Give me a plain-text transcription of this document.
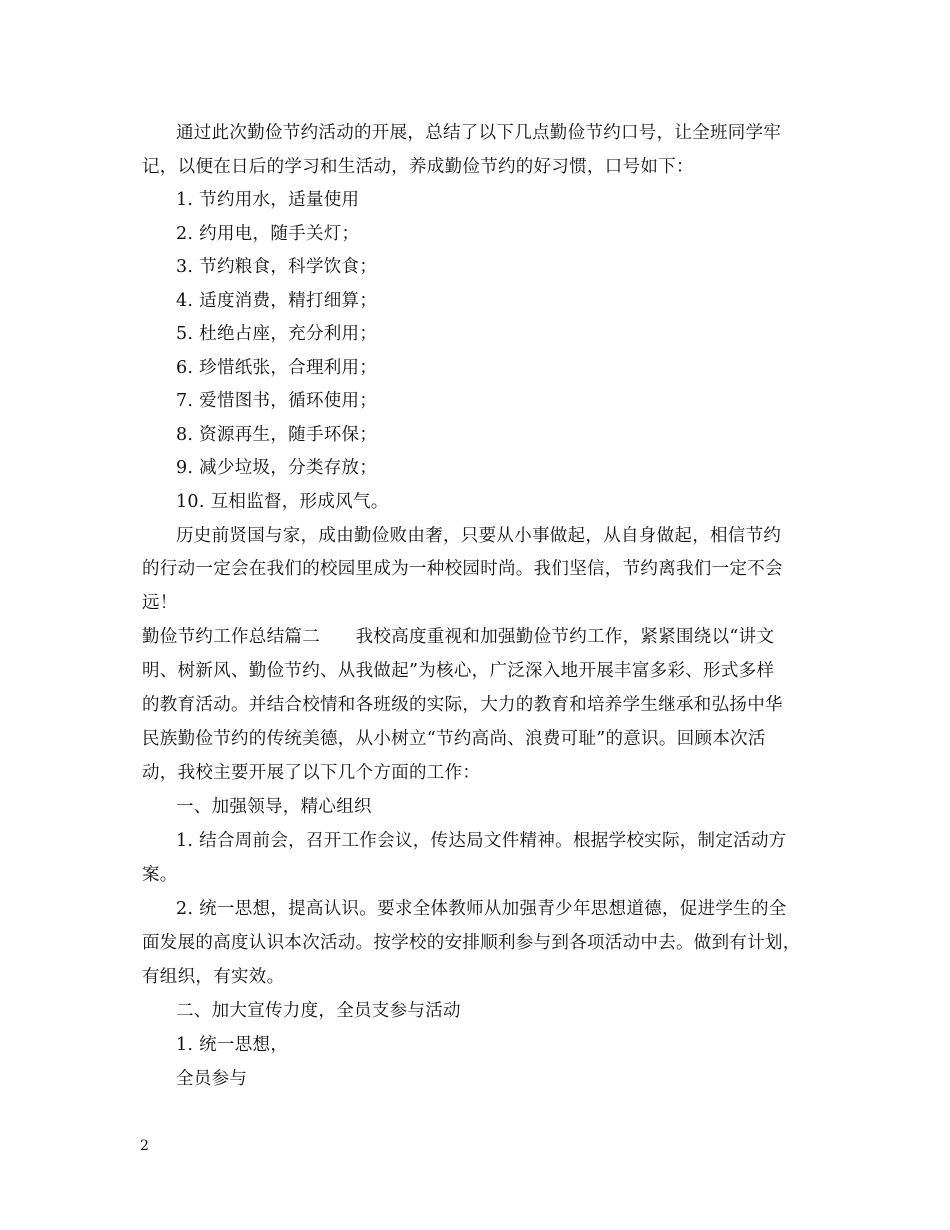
通过此次勤俭节约活动的开展，总结了以下几点勤俭节约口号，让全班同学牢
记，以便在日后的学习和生活动，养成勤俭节约的好习惯，口号如下：
1. 节约用水，适量使用
2. 约用电，随手关灯；
3. 节约粮食，科学饮食；
4. 适度消费，精打细算；
5. 杜绝占座，充分利用；
6. 珍惜纸张，合理利用；
7. 爱惜图书，循环使用；
8. 资源再生，随手环保；
9. 减少垃圾，分类存放；
10. 互相监督，形成风气。
历史前贤国与家，成由勤俭败由奢，只要从小事做起，从自身做起，相信节约
的行动一定会在我们的校园里成为一种校园时尚。我们坚信，节约离我们一定不会
远！
勤俭节约工作总结篇二　　我校高度重视和加强勤俭节约工作，紧紧围绕以“讲文
明、树新风、勤俭节约、从我做起”为核心，广泛深入地开展丰富多彩、形式多样
的教育活动。并结合校情和各班级的实际，大力的教育和培养学生继承和弘扬中华
民族勤俭节约的传统美德，从小树立“节约高尚、浪费可耻”的意识。回顾本次活
动，我校主要开展了以下几个方面的工作：
一、加强领导，精心组织
1. 结合周前会，召开工作会议，传达局文件精神。根据学校实际，制定活动方
案。
2. 统一思想，提高认识。要求全体教师从加强青少年思想道德，促进学生的全
面发展的高度认识本次活动。按学校的安排顺利参与到各项活动中去。做到有计划，
有组织，有实效。
二、加大宣传力度，全员支参与活动
1. 统一思想，
全员参与
2
